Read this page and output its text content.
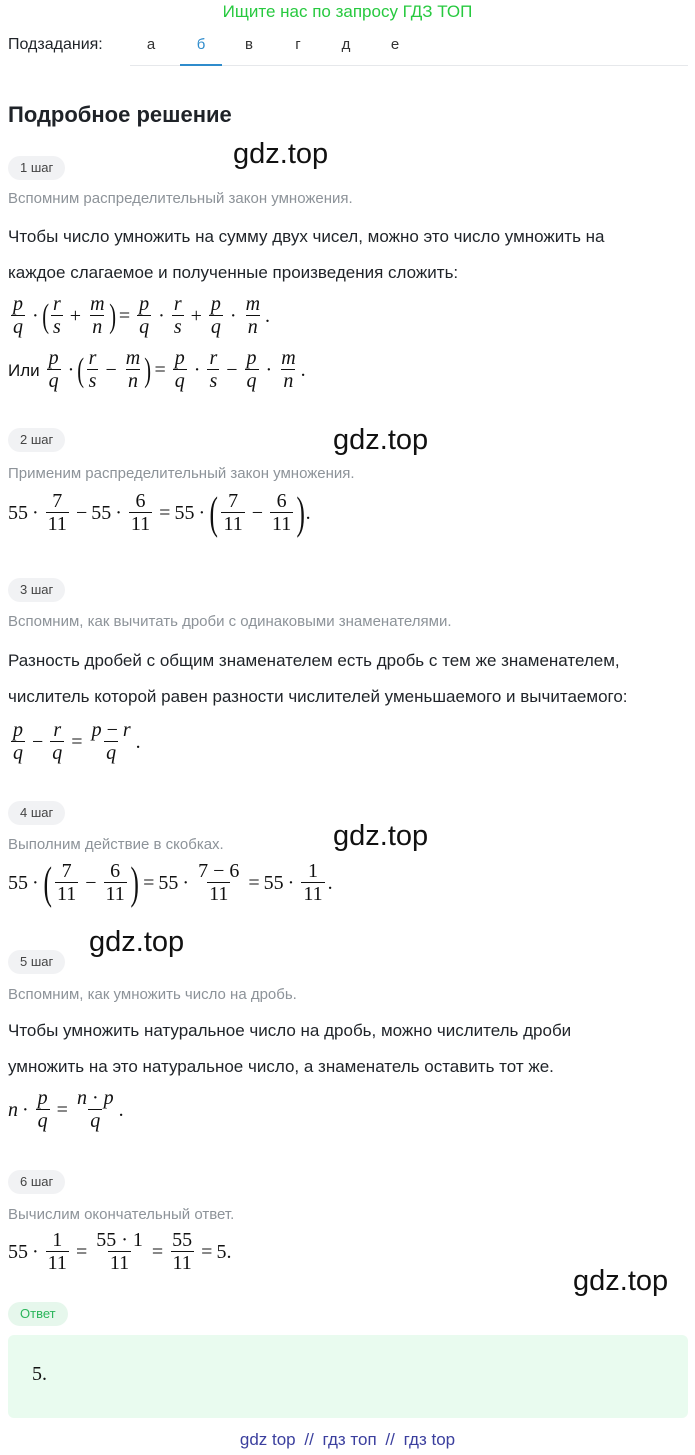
Ищите нас по запросу ГДЗ ТОП
Подзадания:	а	б	в	г	д	е
Подробное решение
gdz.top
gdz.top
gdz.top
gdz.top
gdz.top
1 шаг
Вспомним распределительный закон умножения.
Чтобы число умножить на сумму двух чисел, можно это число умножить на
каждое слагаемое и полученные произведения сложить:
$\frac{p}{q}$ · ( $\frac{r}{s} + \frac{m}{n}$ ) = $\frac{p}{q} \cdot \frac{r}{s} + \frac{p}{q} \cdot \frac{m}{n}$ .
Или $\frac{p}{q}$ · ( $\frac{r}{s} - \frac{m}{n}$ ) = $\frac{p}{q} \cdot \frac{r}{s} - \frac{p}{q} \cdot \frac{m}{n}$ .
2 шаг
Применим распределительный закон умножения.
$55 \cdot \frac{7}{11} - 55 \cdot \frac{6}{11} = 55$ · ( $\frac{7}{11} - \frac{6}{11}$ ) .
3 шаг
Вспомним, как вычитать дроби с одинаковыми знаменателями.
Разность дробей с общим знаменателем есть дробь с тем же знаменателем,
числитель которой равен разности числителей уменьшаемого и вычитаемого:
$\frac{p}{q} - \frac{r}{q} = \frac{p - r}{q}$ .
4 шаг
Выполним действие в скобках.
55 · ( $\frac{7}{11} - \frac{6}{11}$ ) = $55 \cdot \frac{7 - 6}{11} = 55 \cdot \frac{1}{11}$ .
5 шаг
Вспомним, как умножить число на дробь.
Чтобы умножить натуральное число на дробь, можно числитель дроби
умножить на это натуральное число, а знаменатель оставить тот же.
$n \cdot \frac{p}{q} = \frac{n \cdot p}{q}$ .
6 шаг
Вычислим окончательный ответ.
$55 \cdot \frac{1}{11} = \frac{55 \cdot 1}{11} = \frac{55}{11} = 5$.
Ответ
5.
gdz top // гдз топ // гдз top
